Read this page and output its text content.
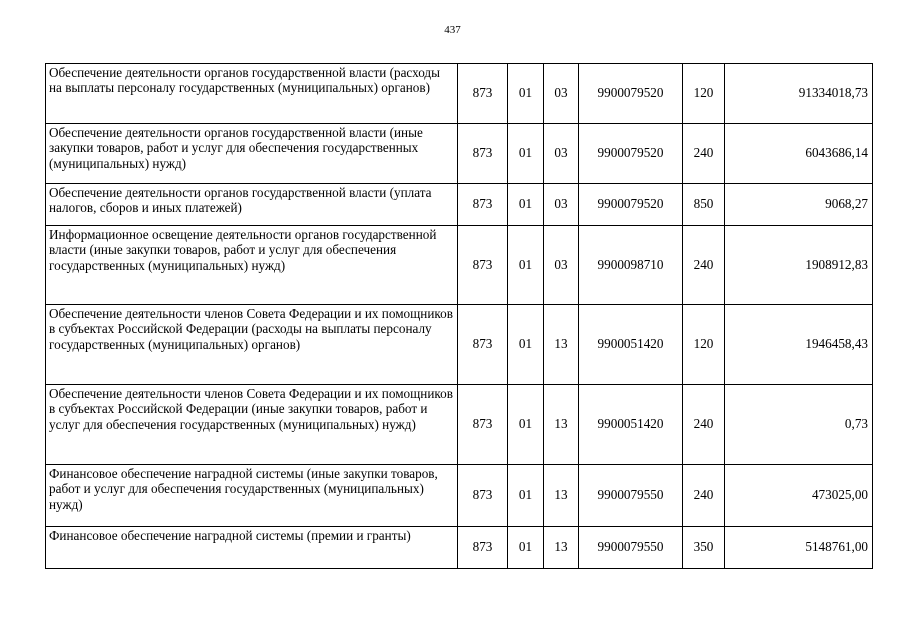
437
Обеспечение деятельности органов государственной власти (расходы на выплаты персоналу государственных (муниципальных) органов)	873	01	03	9900079520	120	91334018,73
Обеспечение деятельности органов государственной власти (иные закупки товаров, работ и услуг для обеспечения государственных (муниципальных) нужд)	873	01	03	9900079520	240	6043686,14
Обеспечение деятельности органов государственной власти (уплата налогов, сборов и иных платежей)	873	01	03	9900079520	850	9068,27
Информационное освещение деятельности органов государственной власти (иные закупки товаров, работ и услуг для обеспечения государственных (муниципальных) нужд)	873	01	03	9900098710	240	1908912,83
Обеспечение деятельности членов Совета Федерации и их помощников в субъектах Российской Федерации (расходы на выплаты персоналу государственных (муниципальных) органов)	873	01	13	9900051420	120	1946458,43
Обеспечение деятельности членов Совета Федерации и их помощников в субъектах Российской Федерации (иные закупки товаров, работ и услуг для обеспечения государственных (муниципальных) нужд)	873	01	13	9900051420	240	0,73
Финансовое обеспечение наградной системы (иные закупки товаров, работ и услуг для обеспечения государственных (муниципальных) нужд)	873	01	13	9900079550	240	473025,00
Финансовое обеспечение наградной системы (премии и гранты)	873	01	13	9900079550	350	5148761,00
